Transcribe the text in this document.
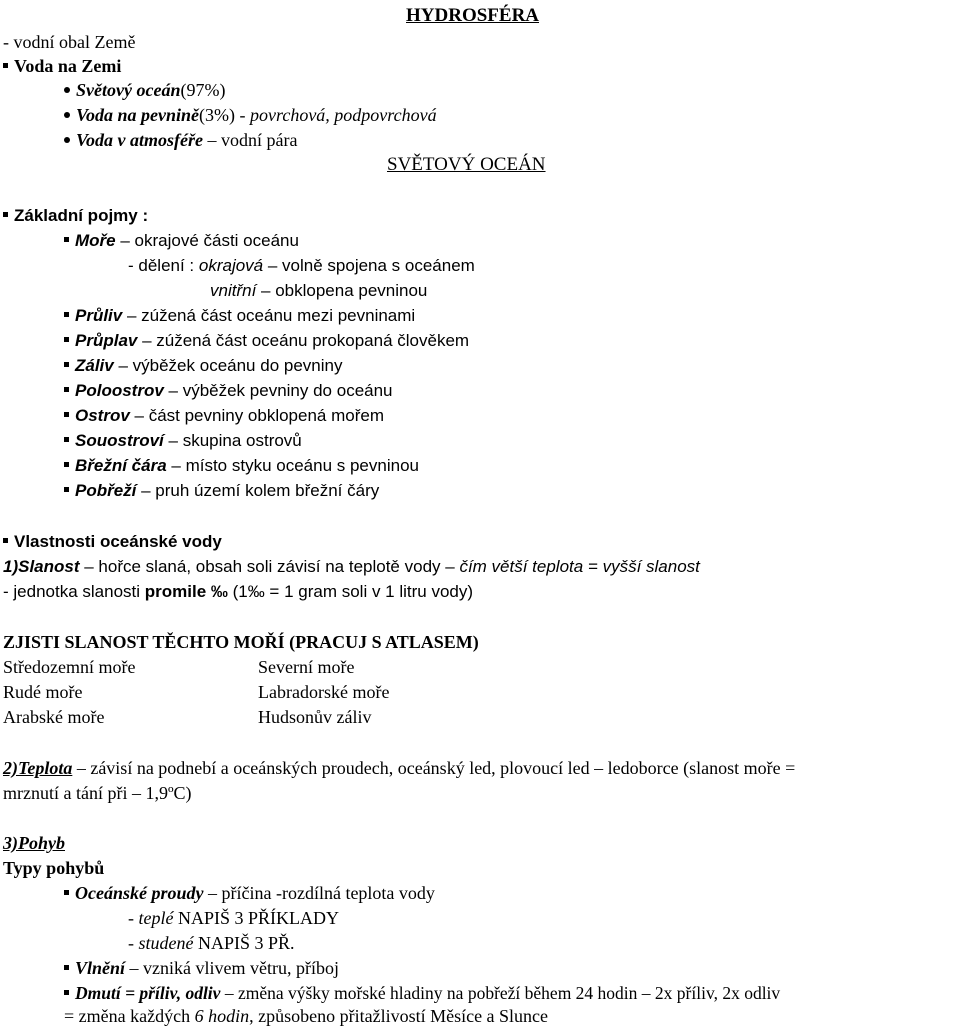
HYDROSFÉRA
- vodní obal Země
Voda na Zemi
Světový oceán(97%)
Voda na pevnině(3%) - povrchová, podpovrchová
Voda v atmosféře – vodní pára
SVĚTOVÝ OCEÁN
Základní pojmy :
Moře – okrajové části oceánu
- dělení : okrajová – volně spojena s oceánem
vnitřní – obklopena pevninou
Průliv – zúžená část oceánu mezi pevninami
Průplav – zúžená část oceánu prokopaná člověkem
Záliv – výběžek oceánu do pevniny
Poloostrov – výběžek pevniny do oceánu
Ostrov – část pevniny obklopená mořem
Souostroví – skupina ostrovů
Břežní čára – místo styku oceánu s pevninou
Pobřeží – pruh území kolem břežní čáry
Vlastnosti oceánské vody
1)Slanost – hořce slaná, obsah soli závisí na teplotě vody – čím větší teplota = vyšší slanost
- jednotka slanosti promile ‰ (1‰ = 1 gram soli v 1 litru vody)
ZJISTI SLANOST TĚCHTO MOŘÍ (PRACUJ S ATLASEM)
Středozemní moře	Severní moře
Rudé moře	Labradorské moře
Arabské moře	Hudsonův záliv
2)Teplota – závisí na podnebí a oceánských proudech, oceánský led, plovoucí led – ledoborce (slanost moře =
mrznutí a tání při – 1,9ºC)
3)Pohyb
Typy pohybů
Oceánské proudy – příčina -rozdílná teplota vody
- teplé NAPIŠ 3 PŘÍKLADY
- studené NAPIŠ 3 PŘ.
Vlnění – vzniká vlivem větru, příboj
Dmutí = příliv, odliv – změna výšky mořské hladiny na pobřeží během 24 hodin – 2x příliv, 2x odliv
= změna každých 6 hodin, způsobeno přitažlivostí Měsíce a Slunce
